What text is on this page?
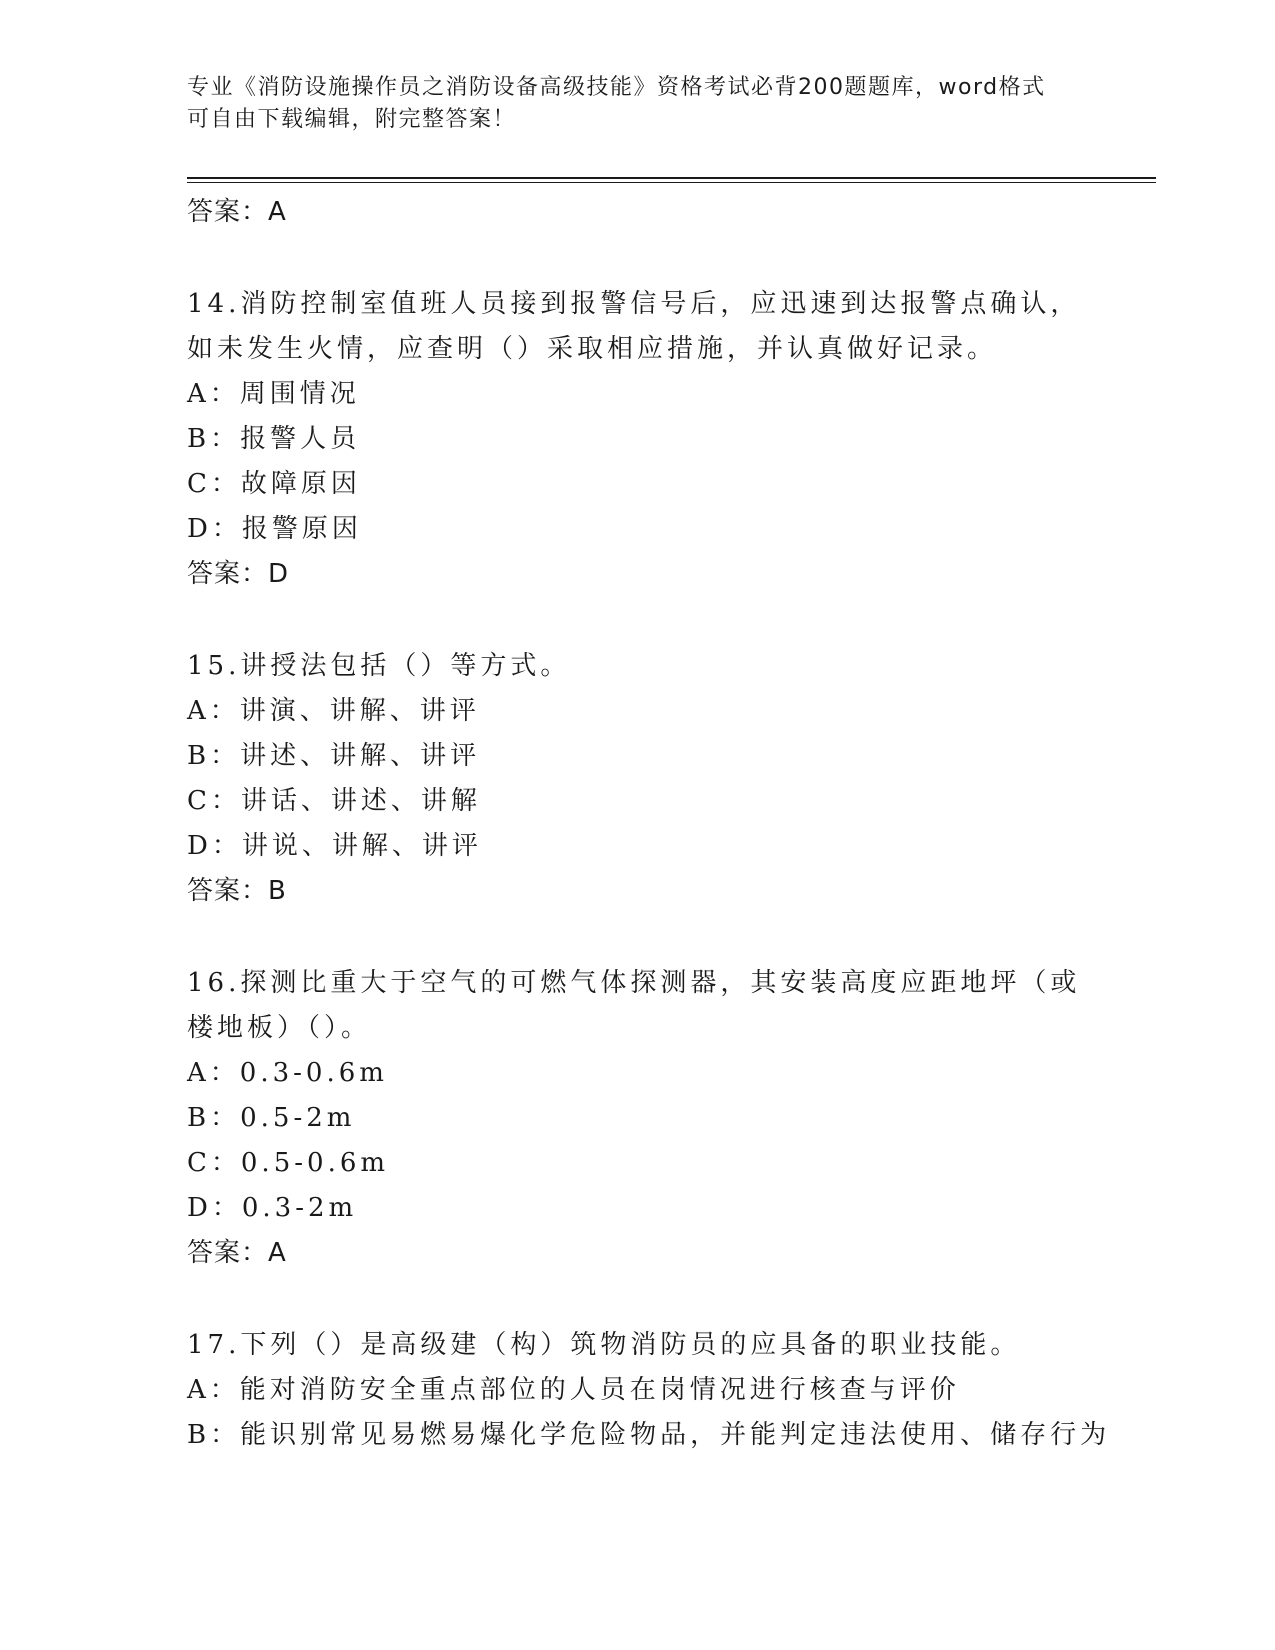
专业《消防设施操作员之消防设备高级技能》资格考试必背200题题库，word格式可自由下载编辑，附完整答案！
答案：A
14.消防控制室值班人员接到报警信号后，应迅速到达报警点确认，如未发生火情，应查明（）采取相应措施，并认真做好记录。
A：周围情况
B：报警人员
C：故障原因
D：报警原因
答案：D
15.讲授法包括（）等方式。
A：讲演、讲解、讲评
B：讲述、讲解、讲评
C：讲话、讲述、讲解
D：讲说、讲解、讲评
答案：B
16.探测比重大于空气的可燃气体探测器，其安装高度应距地坪（或楼地板）（）。
A：0.3-0.6m
B：0.5-2m
C：0.5-0.6m
D：0.3-2m
答案：A
17.下列（）是高级建（构）筑物消防员的应具备的职业技能。
A：能对消防安全重点部位的人员在岗情况进行核查与评价
B：能识别常见易燃易爆化学危险物品，并能判定违法使用、储存行为
